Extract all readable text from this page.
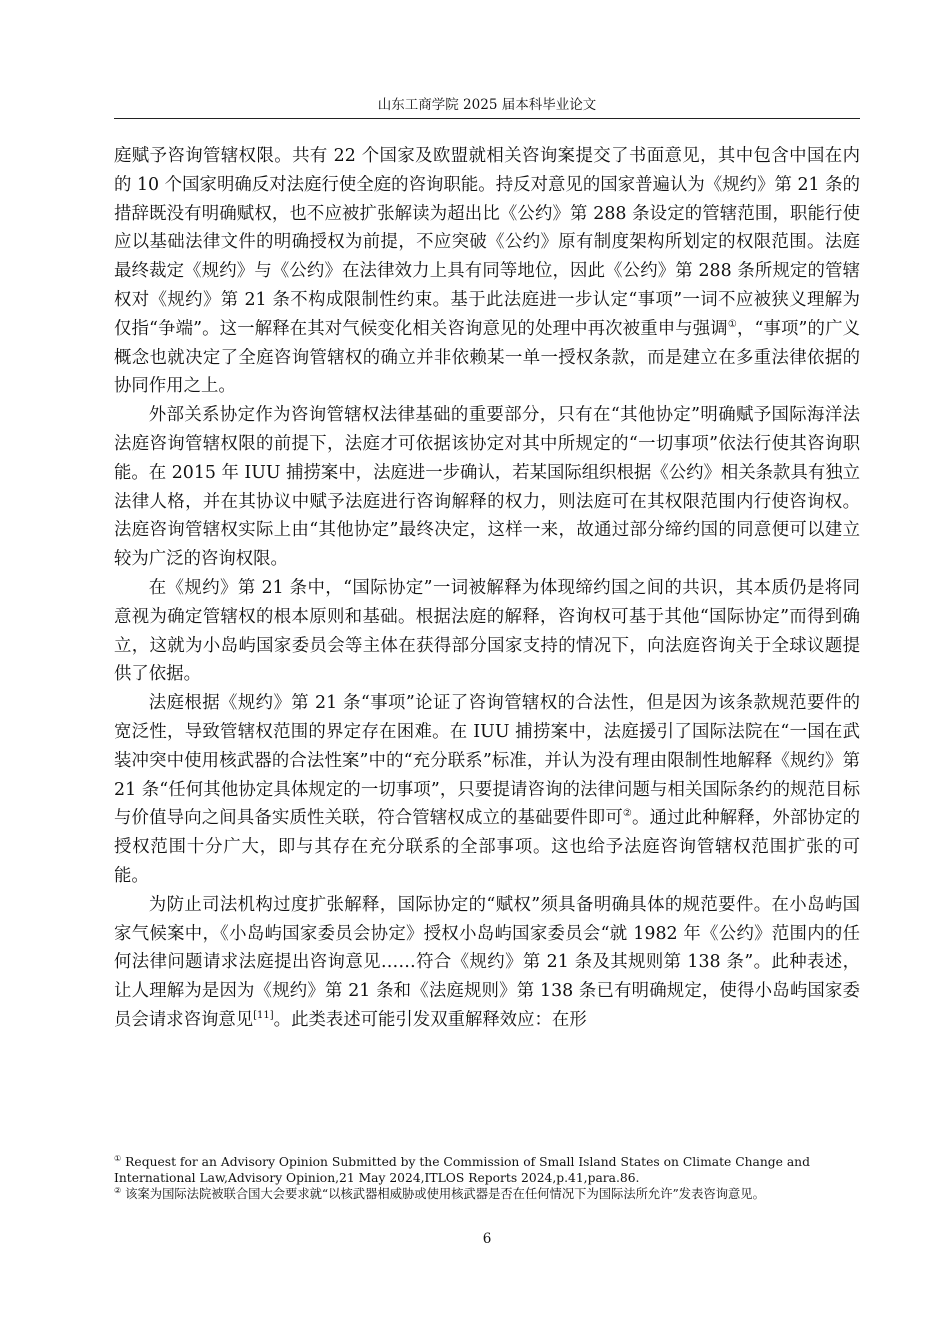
山东工商学院 2025 届本科毕业论文

庭赋予咨询管辖权限。共有 22 个国家及欧盟就相关咨询案提交了书面意见，其中包含中国在内的 10 个国家明确反对法庭行使全庭的咨询职能。持反对意见的国家普遍认为《规约》第 21 条的措辞既没有明确赋权，也不应被扩张解读为超出比《公约》第 288 条设定的管辖范围，职能行使应以基础法律文件的明确授权为前提，不应突破《公约》原有制度架构所划定的权限范围。法庭最终裁定《规约》与《公约》在法律效力上具有同等地位，因此《公约》第 288 条所规定的管辖权对《规约》第 21 条不构成限制性约束。基于此法庭进一步认定“事项”一词不应被狭义理解为仅指“争端”。这一解释在其对气候变化相关咨询意见的处理中再次被重申与强调①，“事项”的广义概念也就决定了全庭咨询管辖权的确立并非依赖某一单一授权条款，而是建立在多重法律依据的协同作用之上。

外部关系协定作为咨询管辖权法律基础的重要部分，只有在“其他协定”明确赋予国际海洋法法庭咨询管辖权限的前提下，法庭才可依据该协定对其中所规定的“一切事项”依法行使其咨询职能。在 2015 年 IUU 捕捞案中，法庭进一步确认，若某国际组织根据《公约》相关条款具有独立法律人格，并在其协议中赋予法庭进行咨询解释的权力，则法庭可在其权限范围内行使咨询权。法庭咨询管辖权实际上由“其他协定”最终决定，这样一来，故通过部分缔约国的同意便可以建立较为广泛的咨询权限。

在《规约》第 21 条中，“国际协定”一词被解释为体现缔约国之间的共识，其本质仍是将同意视为确定管辖权的根本原则和基础。根据法庭的解释，咨询权可基于其他“国际协定”而得到确立，这就为小岛屿国家委员会等主体在获得部分国家支持的情况下，向法庭咨询关于全球议题提供了依据。

法庭根据《规约》第 21 条“事项”论证了咨询管辖权的合法性，但是因为该条款规范要件的宽泛性，导致管辖权范围的界定存在困难。在 IUU 捕捞案中，法庭援引了国际法院在“一国在武装冲突中使用核武器的合法性案”中的“充分联系”标准，并认为没有理由限制性地解释《规约》第 21 条“任何其他协定具体规定的一切事项”，只要提请咨询的法律问题与相关国际条约的规范目标与价值导向之间具备实质性关联，符合管辖权成立的基础要件即可②。通过此种解释，外部协定的授权范围十分广大，即与其存在充分联系的全部事项。这也给予法庭咨询管辖权范围扩张的可能。

为防止司法机构过度扩张解释，国际协定的“赋权”须具备明确具体的规范要件。在小岛屿国家气候案中，《小岛屿国家委员会协定》授权小岛屿国家委员会“就 1982 年《公约》范围内的任何法律问题请求法庭提出咨询意见……符合《规约》第 21 条及其规则第 138 条”。此种表述，让人理解为是因为《规约》第 21 条和《法庭规则》第 138 条已有明确规定，使得小岛屿国家委员会请求咨询意见[11]。此类表述可能引发双重解释效应：在形

① Request for an Advisory Opinion Submitted by the Commission of Small Island States on Climate Change and International Law,Advisory Opinion,21 May 2024,ITLOS Reports 2024,p.41,para.86.

② 该案为国际法院被联合国大会要求就“以核武器相威胁或使用核武器是否在任何情况下为国际法所允许”发表咨询意见。

6
